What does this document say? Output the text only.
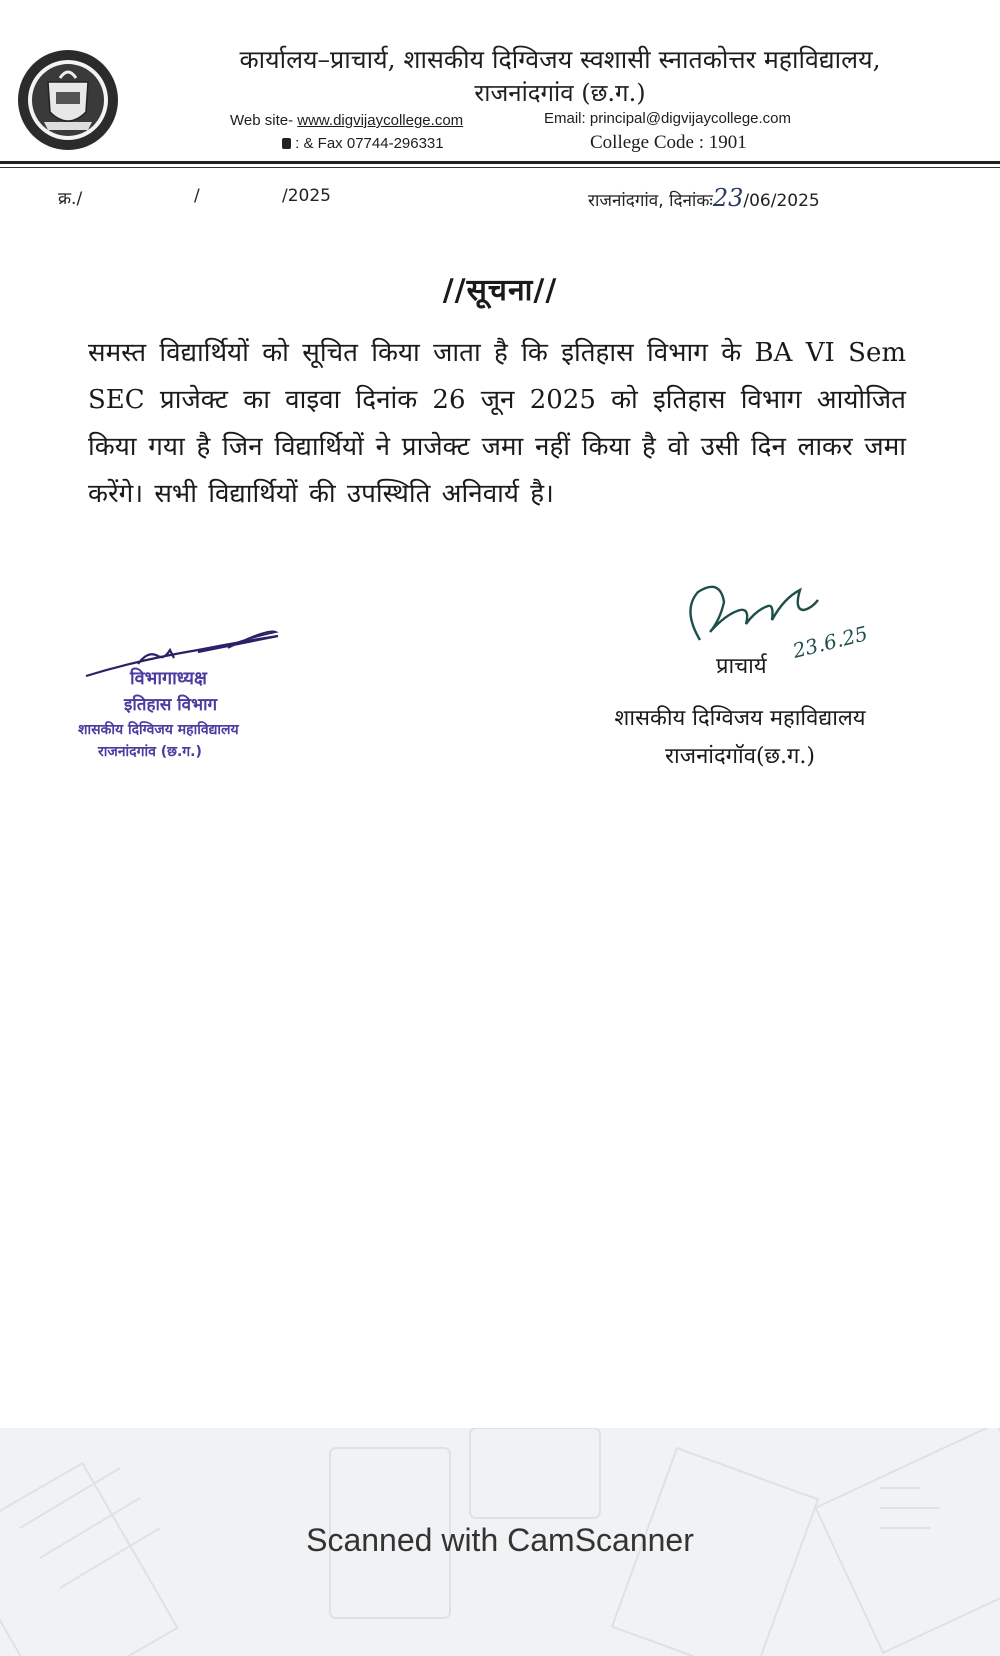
कार्यालय–प्राचार्य, शासकीय दिग्विजय स्वशासी स्नातकोत्तर महाविद्यालय,
राजनांदगांव (छ.ग.)
Web site- www.digvijaycollege.com	Email: principal@digvijaycollege.com
: & Fax 07744-296331	College Code : 1901
क्र./	/	/2025	राजनांदगांव, दिनांकः23/06/2025
//सूचना//
समस्त विद्यार्थियों को सूचित किया जाता है कि इतिहास विभाग के BA VI Sem SEC प्राजेक्ट का वाइवा दिनांक 26 जून 2025 को इतिहास विभाग आयोजित किया गया है जिन विद्यार्थियों ने प्राजेक्ट जमा नहीं किया है वो उसी दिन लाकर जमा करेंगे। सभी विद्यार्थियों की उपस्थिति अनिवार्य है।
विभागाध्यक्ष
इतिहास विभाग
शासकीय दिग्विजय महाविद्यालय
राजनांदगांव (छ.ग.)
23.6.25
प्राचार्य
शासकीय दिग्विजय महाविद्यालय
राजनांदगॉव(छ.ग.)
Scanned with CamScanner
